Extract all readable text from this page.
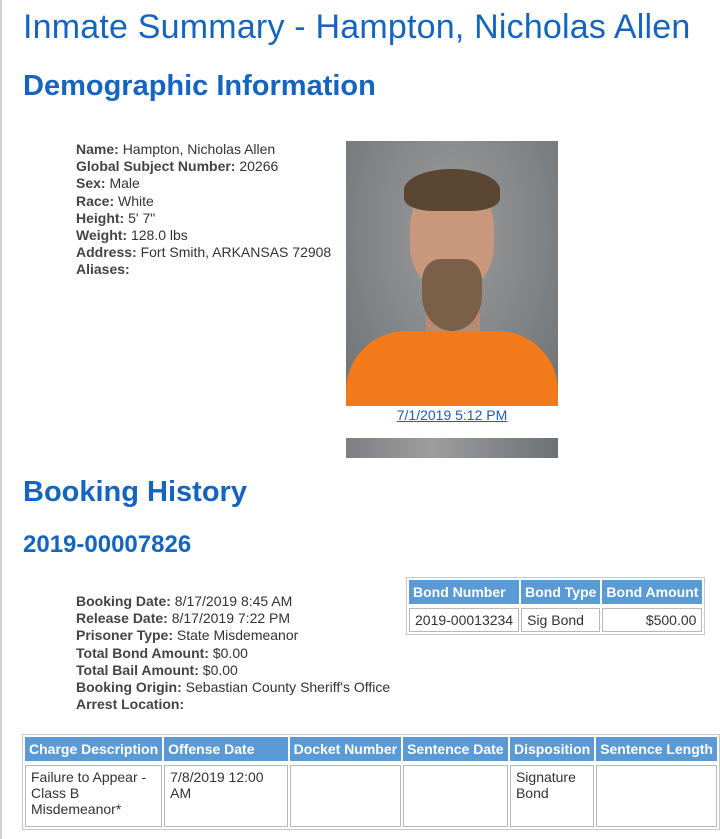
Inmate Summary - Hampton, Nicholas Allen
Demographic Information
Name: Hampton, Nicholas Allen
Global Subject Number: 20266
Sex: Male
Race: White
Height: 5' 7"
Weight: 128.0 lbs
Address: Fort Smith, ARKANSAS 72908
Aliases:
7/1/2019 5:12 PM
Booking History
2019-00007826
Booking Date: 8/17/2019 8:45 AM
Release Date: 8/17/2019 7:22 PM
Prisoner Type: State Misdemeanor
Total Bond Amount: $0.00
Total Bail Amount: $0.00
Booking Origin: Sebastian County Sheriff's Office
Arrest Location:
Bond Number	Bond Type	Bond Amount
2019-00013234	Sig Bond	$500.00
Charge Description	Offense Date	Docket Number	Sentence Date	Disposition	Sentence Length
Failure to Appear - Class B Misdemeanor*	7/8/2019 12:00 AM			Signature Bond	
